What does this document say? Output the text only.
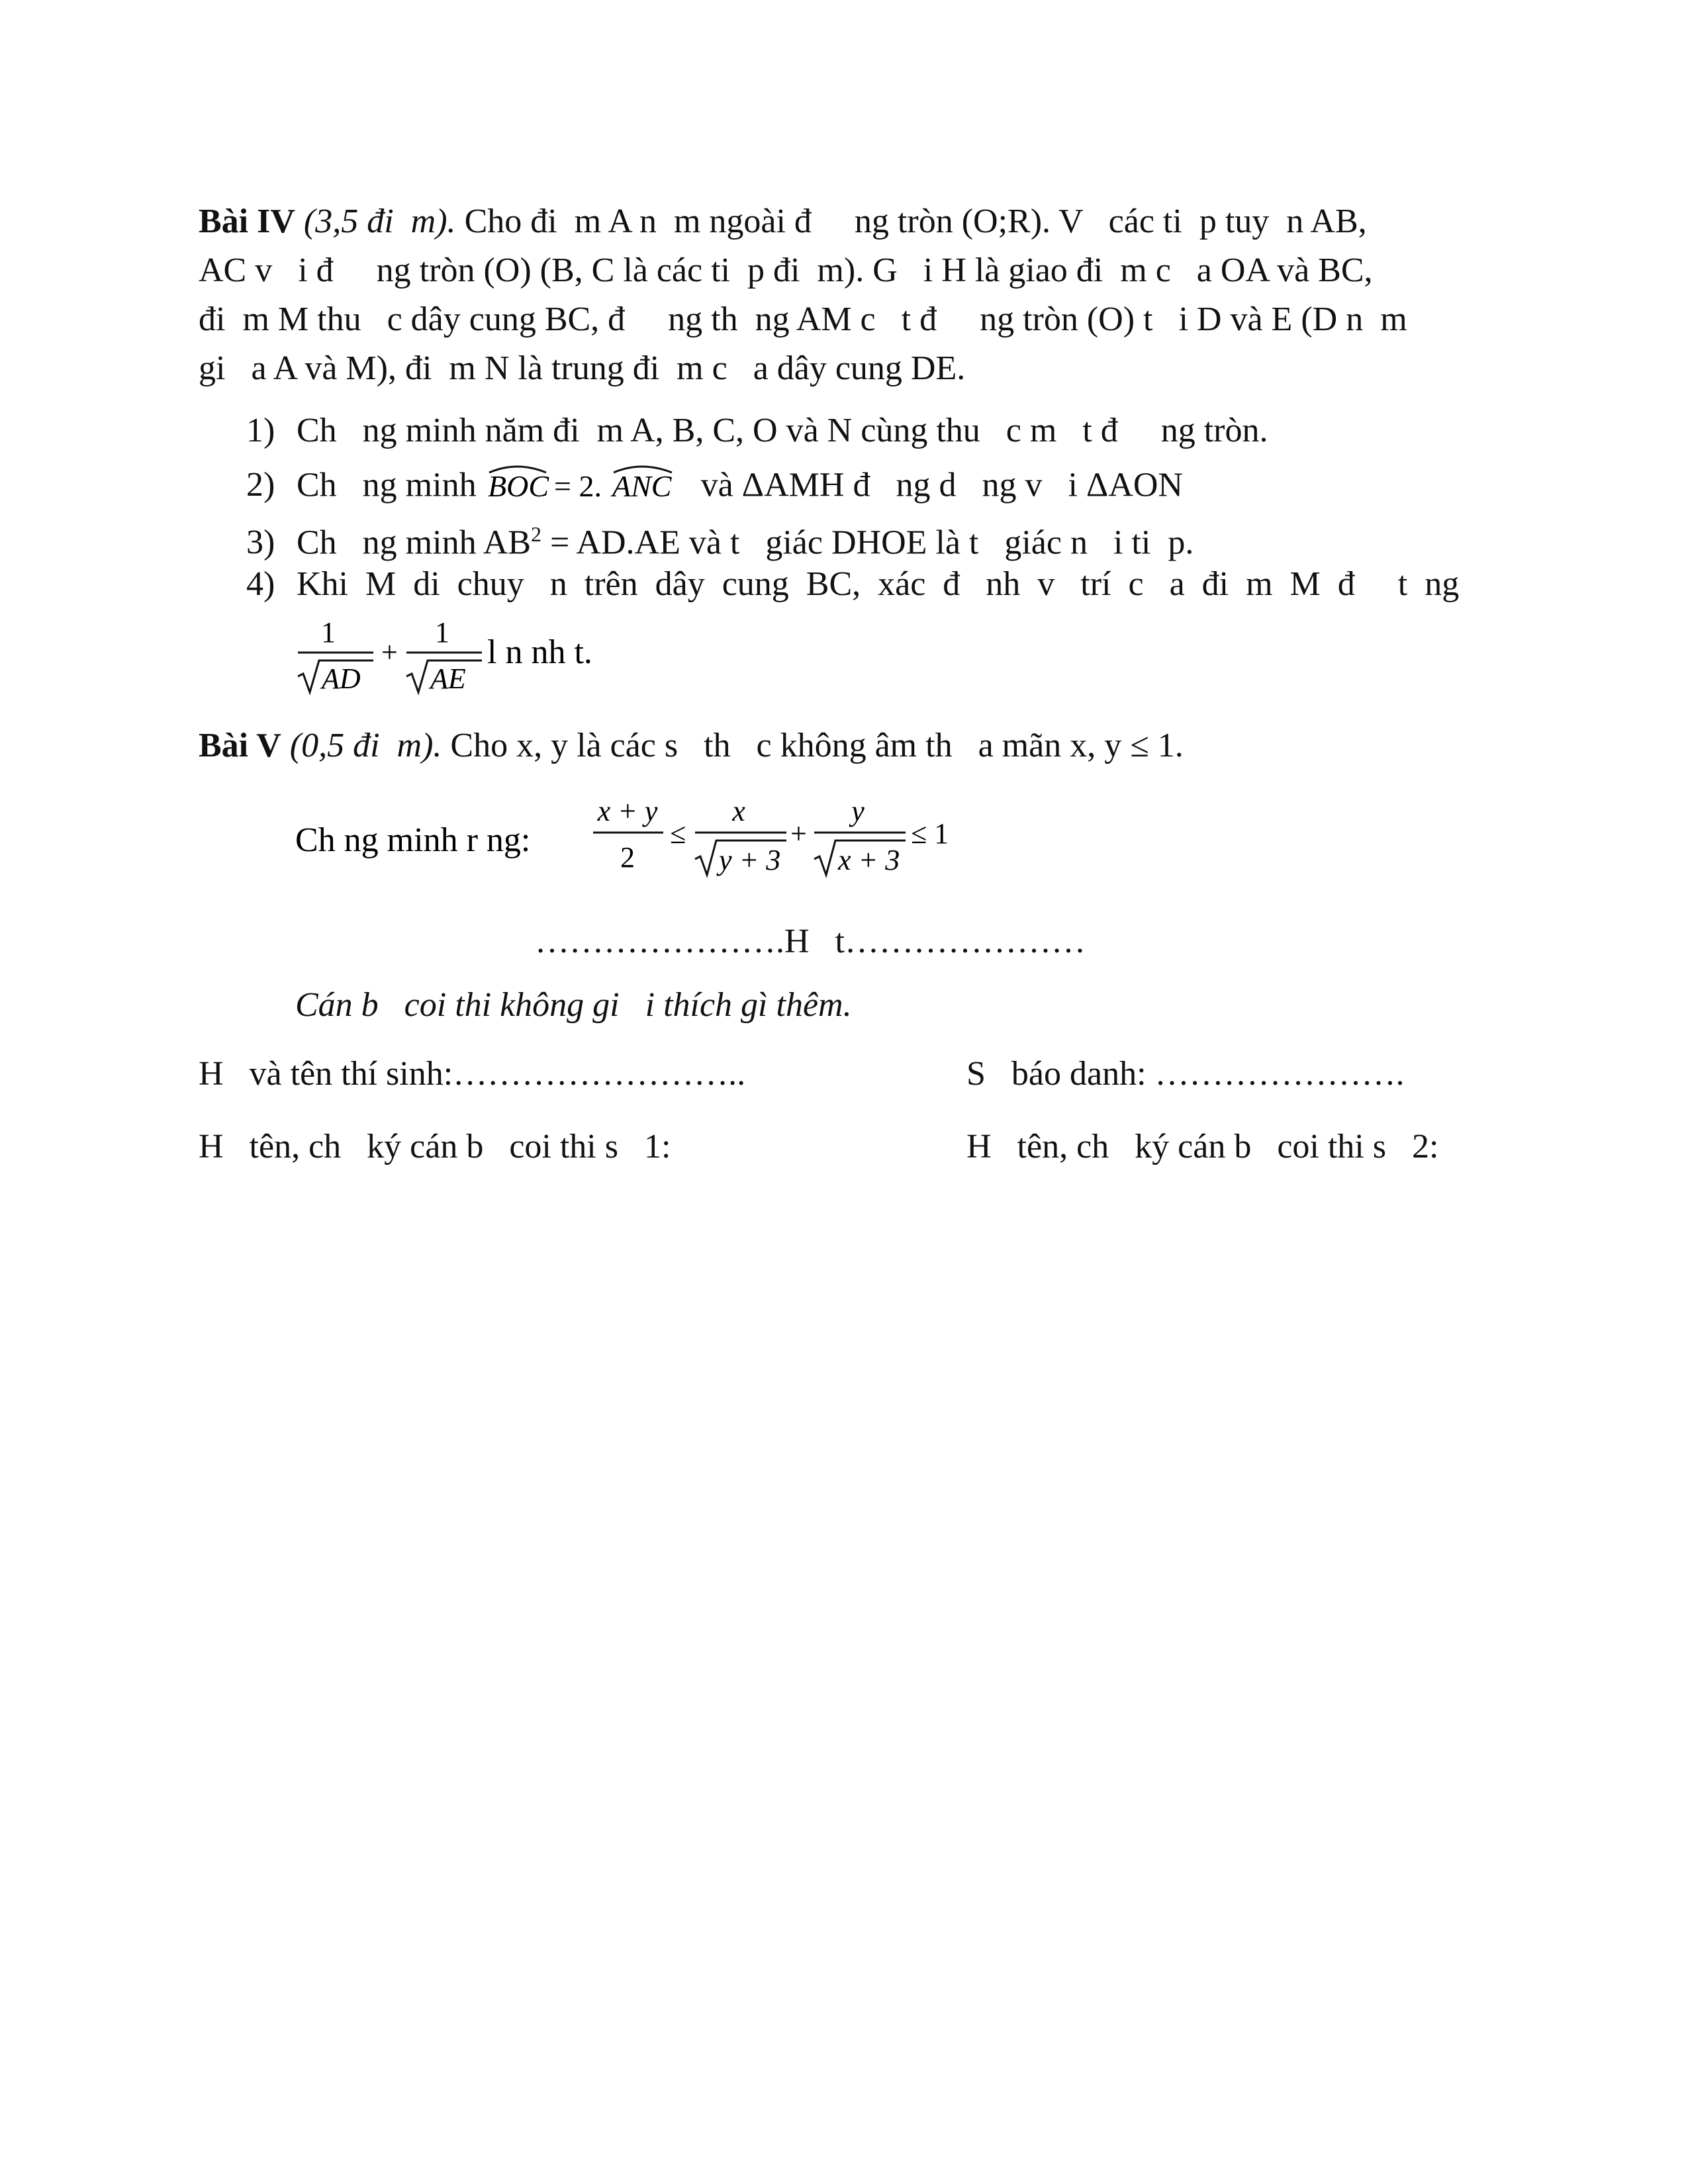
Bài IV (3,5 đi  m). Cho đi  m A n  m ngoài đ     ng tròn (O;R). V   các ti  p tuy  n AB,
AC v   i đ     ng tròn (O) (B, C là các ti  p đi  m). G   i H là giao đi  m c   a OA và BC,
đi  m M thu   c dây cung BC, đ     ng th  ng AM c   t đ     ng tròn (O) t   i D và E (D n  m
gi   a A và M), đi  m N là trung đi  m c   a dây cung DE.
1) Ch   ng minh năm đi  m A, B, C, O và N cùng thu   c m   t đ     ng tròn.
2) Ch   ng minh BOC = 2. ANC và ΔAMH đ   ng d   ng v   i ΔAON
3) Ch   ng minh $AB^2 = AD.AE$ và t   giác DHOE là t   giác n   i ti  p.
4) Khi  M  di  chuy   n  trên  dây  cung  BC,  xác  đ   nh  v   trí  c   a  đi  m  M  đ     t  ng
1
AD
+
1
AE
l n nh t.
Bài V (0,5 đi  m). Cho x, y là các s   th   c không âm th   a mãn x, y ≤ 1.
Ch ng minh r ng:
x + y
2
≤
x
y + 3
+
y
x + 3
≤ 1
………………….H   t…………………
Cán b   coi thi không gi   i thích gì thêm.
H   và tên thí sinh:……………………..	S   báo danh: ………………….
H   tên, ch   ký cán b   coi thi s   1:	H   tên, ch   ký cán b   coi thi s   2:
